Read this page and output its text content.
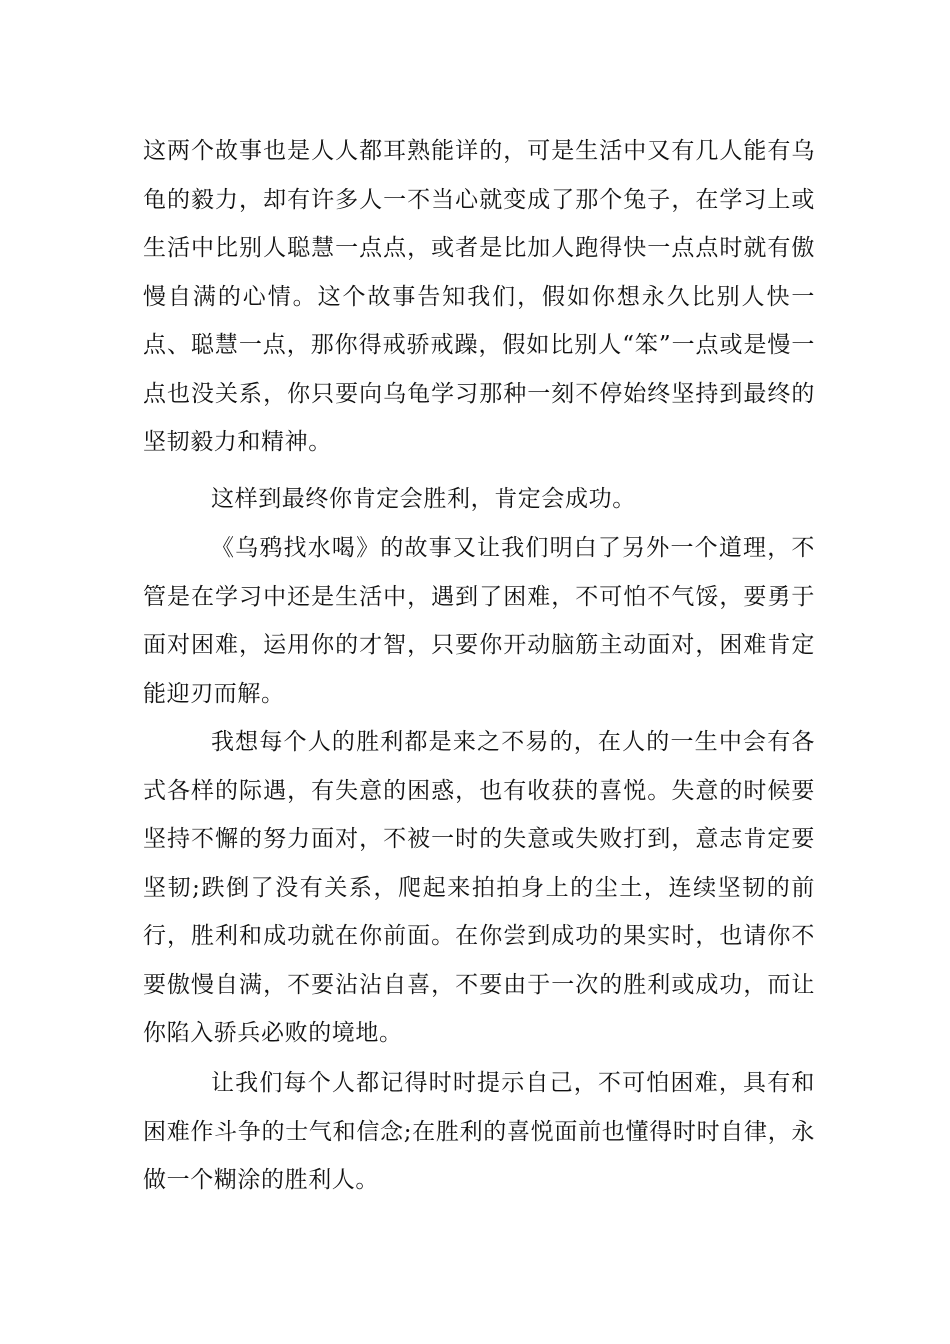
这两个故事也是人人都耳熟能详的，可是生活中又有几人能有乌龟的毅力，却有许多人一不当心就变成了那个兔子，在学习上或生活中比别人聪慧一点点，或者是比加人跑得快一点点时就有傲慢自满的心情。这个故事告知我们，假如你想永久比别人快一点、聪慧一点，那你得戒骄戒躁，假如比别人“笨”一点或是慢一点也没关系，你只要向乌龟学习那种一刻不停始终坚持到最终的坚韧毅力和精神。

这样到最终你肯定会胜利，肯定会成功。

《乌鸦找水喝》的故事又让我们明白了另外一个道理，不管是在学习中还是生活中，遇到了困难，不可怕不气馁，要勇于面对困难，运用你的才智，只要你开动脑筋主动面对，困难肯定能迎刃而解。

我想每个人的胜利都是来之不易的，在人的一生中会有各式各样的际遇，有失意的困惑，也有收获的喜悦。失意的时候要坚持不懈的努力面对，不被一时的失意或失败打到，意志肯定要坚韧;跌倒了没有关系，爬起来拍拍身上的尘土，连续坚韧的前行，胜利和成功就在你前面。在你尝到成功的果实时，也请你不要傲慢自满，不要沾沾自喜，不要由于一次的胜利或成功，而让你陷入骄兵必败的境地。

让我们每个人都记得时时提示自己，不可怕困难，具有和困难作斗争的士气和信念;在胜利的喜悦面前也懂得时时自律，永做一个糊涂的胜利人。
